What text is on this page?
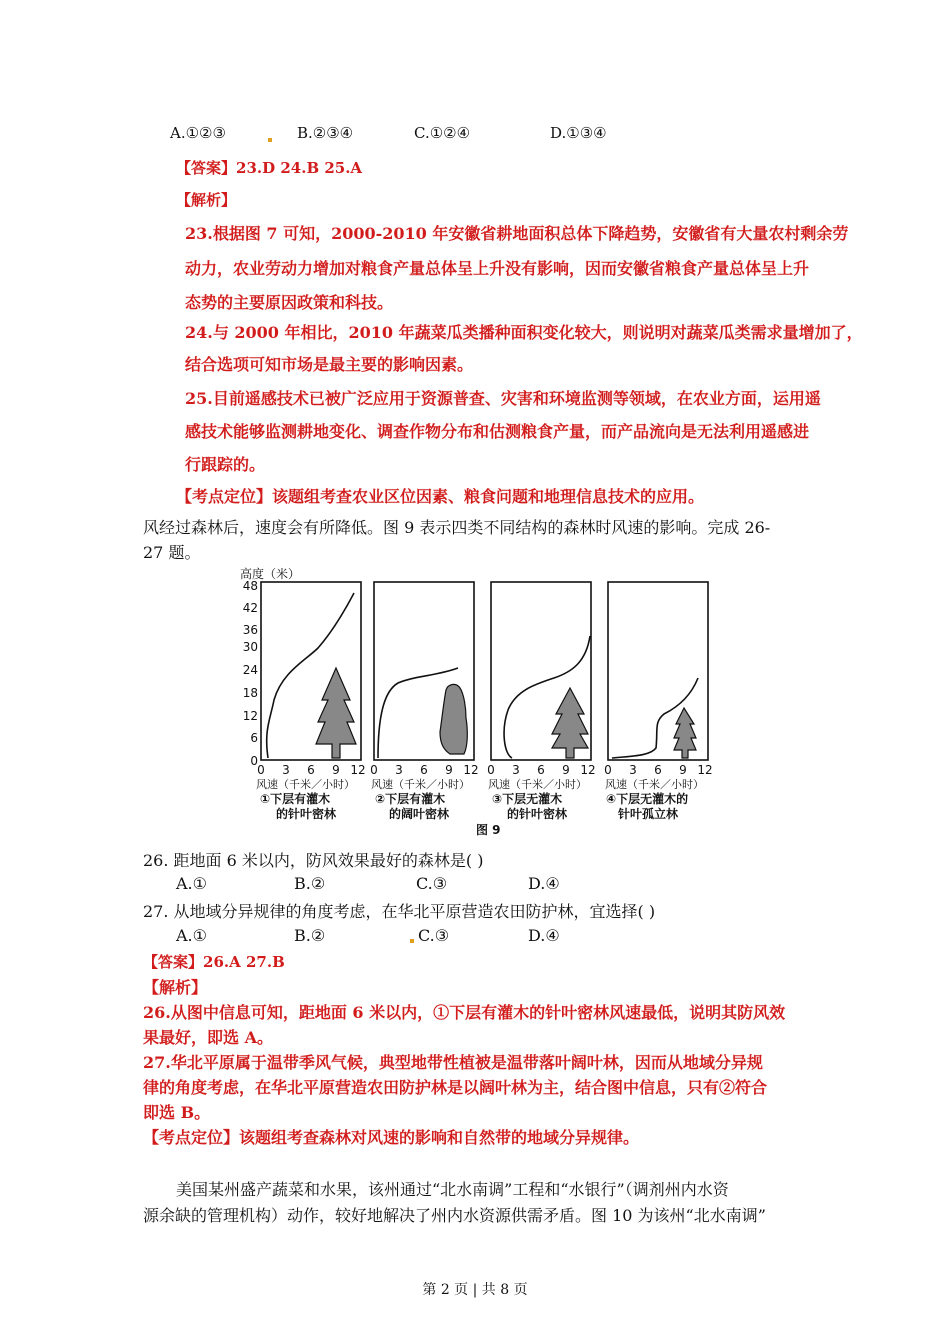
A.①②③	B.②③④	C.①②④	D.①③④
【答案】23.D 24.B 25.A
【解析】
23.根据图 7 可知，2000-2010 年安徽省耕地面积总体下降趋势，安徽省有大量农村剩余劳
动力，农业劳动力增加对粮食产量总体呈上升没有影响，因而安徽省粮食产量总体呈上升
态势的主要原因政策和科技。
24.与 2000 年相比，2010 年蔬菜瓜类播种面积变化较大，则说明对蔬菜瓜类需求量增加了，
结合选项可知市场是最主要的影响因素。
25.目前遥感技术已被广泛应用于资源普查、灾害和环境监测等领域，在农业方面，运用遥
感技术能够监测耕地变化、调查作物分布和估测粮食产量，而产品流向是无法利用遥感进
行跟踪的。
【考点定位】该题组考查农业区位因素、粮食问题和地理信息技术的应用。
风经过森林后，速度会有所降低。图 9 表示四类不同结构的森林时风速的影响。完成 26-
27 题。
高度（米）
0
6
12
18
24
30
36
42
48
0 3 6 9 12 0 3 6 9 12 0 3 6 9 12 0 3 6 9 12
风速（千米／小时） 风速（千米／小时） 风速（千米／小时） 风速（千米／小时）
①下层有灌木
的针叶密林
②下层有灌木
的阔叶密林
③下层无灌木
的针叶密林
④下层无灌木的
针叶孤立林
图 9
26. 距地面 6 米以内，防风效果最好的森林是( )
A.①	B.②	C.③	D.④
27. 从地域分异规律的角度考虑，在华北平原营造农田防护林，宜选择( )
A.①	B.②	C.③	D.④
【答案】26.A 27.B
【解析】
26.从图中信息可知，距地面 6 米以内，①下层有灌木的针叶密林风速最低，说明其防风效
果最好，即选 A。
27.华北平原属于温带季风气候，典型地带性植被是温带落叶阔叶林，因而从地域分异规
律的角度考虑，在华北平原营造农田防护林是以阔叶林为主，结合图中信息，只有②符合
即选 B。
【考点定位】该题组考查森林对风速的影响和自然带的地域分异规律。
美国某州盛产蔬菜和水果，该州通过“北水南调”工程和“水银行”（调剂州内水资
源余缺的管理机构）动作，较好地解决了州内水资源供需矛盾。图 10 为该州“北水南调”
第 2 页 | 共 8 页
